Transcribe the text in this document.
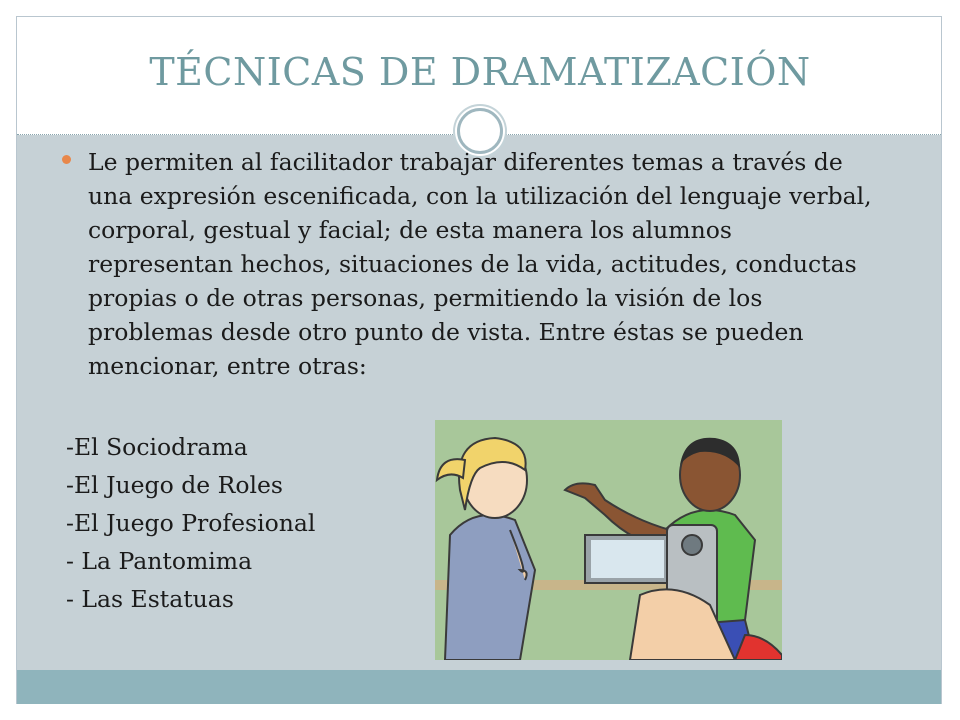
TÉCNICAS DE DRAMATIZACIÓN

Le permiten al facilitador trabajar diferentes temas a través de una expresión escenificada, con la utilización del lenguaje verbal, corporal, gestual y facial; de esta manera los alumnos representan hechos, situaciones de la vida, actitudes, conductas propias o de otras personas, permitiendo la visión de los problemas desde otro punto de vista. Entre éstas se pueden mencionar, entre otras:

-El Sociodrama
-El Juego de Roles
-El Juego Profesional
- La Pantomima
- Las Estatuas
